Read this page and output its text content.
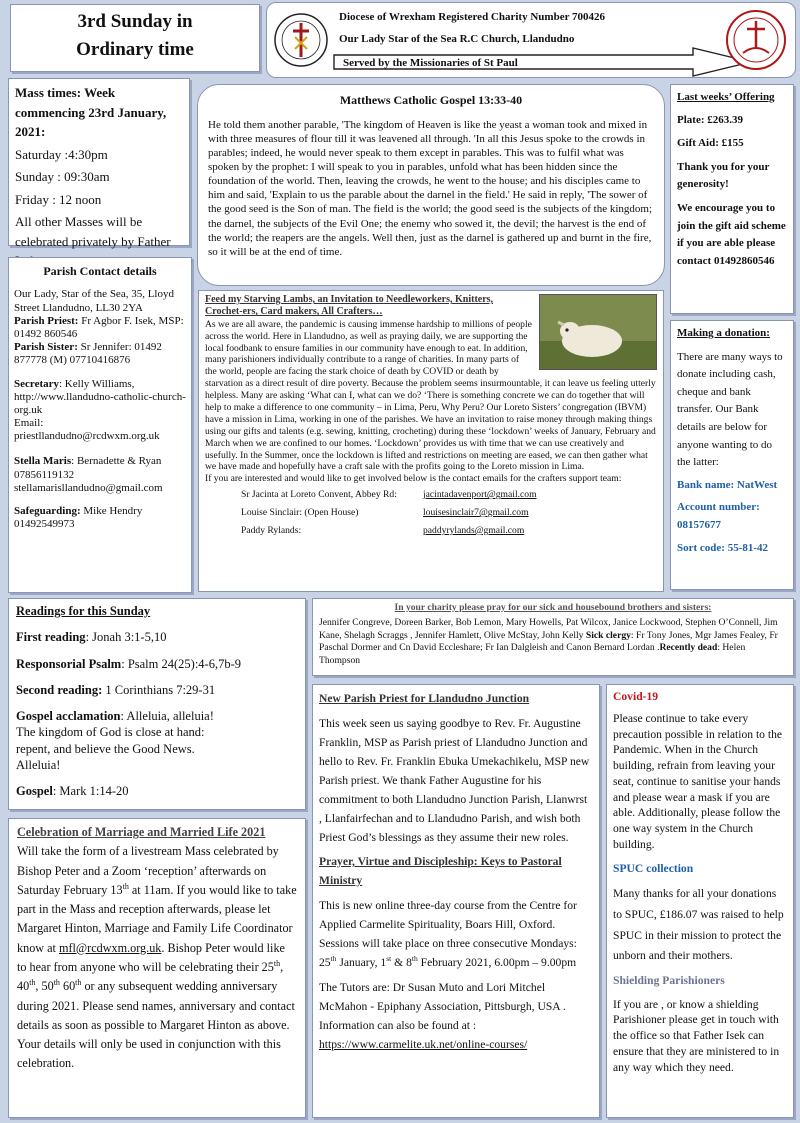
3rd Sunday in
Ordinary time
Diocese of Wrexham Registered Charity Number 700426
Our Lady Star of the Sea R.C Church, Llandudno
Served by the Missionaries of St Paul
Mass times: Week
commencing 23rd January,
2021:
Saturday :4:30pm
Sunday : 09:30am
Friday : 12 noon
All other Masses will be celebrated privately by Father
Matthews Catholic Gospel 13:33-40
He told them another parable, 'The kingdom of Heaven is like the yeast a woman took and mixed in with three measures of flour till it was leavened all through. 'In all this Jesus spoke to the crowds in parables; indeed, he would never speak to them except in parables. This was to fulfil what was spoken by the prophet: I will speak to you in parables, unfold what has been hidden since the foundation of the world. Then, leaving the crowds, he went to the house; and his disciples came to him and said, 'Explain to us the parable about the darnel in the field.' He said in reply, 'The sower of the good seed is the Son of man. The field is the world; the good seed is the subjects of the kingdom; the darnel, the subjects of the Evil One; the enemy who sowed it, the devil; the harvest is the end of the world; the reapers are the angels. Well then, just as the darnel is gathered up and burnt in the fire, so it will be at the end of time.
Last weeks’ Offering
Plate: £263.39
Gift Aid: £155
Thank you for your generosity!
We encourage you to join the gift aid scheme if you are able please contact 01492860546
Parish Contact details
Our Lady, Star of the Sea, 35, Lloyd Street Llandudno, LL30 2YA
Parish Priest: Fr Agbor F. Isek, MSP: 01492 860546
Parish Sister: Sr Jennifer: 01492 877778 (M) 07710416876
Secretary: Kelly Williams, http://www.llandudno-catholic-church-org.uk
Email: priestllandudno@rcdwxm.org.uk
Stella Maris: Bernadette & Ryan 07856119132 stellamarisllandudno@gmail.com
Safeguarding: Mike Hendry 01492549973
Feed my Starving Lambs, an Invitation to Needleworkers, Knitters, Crochet-ers, Card makers, All Crafters…
As we are all aware, the pandemic is causing immense hardship to millions of people across the world. Here in Llandudno, as well as praying daily, we are supporting the local foodbank to ensure families in our community have enough to eat. In addition, many parishioners individually contribute to a range of charities. In many parts of the world, people are facing the stark choice of death by COVID or death by starvation as a direct result of dire poverty. Because the problem seems insurmountable, it can leave us feeling utterly helpless. Many are asking ‘What can I, what can we do? ‘There is something concrete we can do together that will help to make a difference to one community – in Lima, Peru, Why Peru? Our Loreto Sisters’ congregation (IBVM) have a mission in Lima, working in one of the parishes. We have an invitation to raise money through making things using our gifts and talents (e.g. sewing, knitting, crocheting) during these ‘lockdown’ weeks of January, February and March when we are confined to our homes. ‘Lockdown’ provides us with time that we can use creatively and usefully. In the Summer, once the lockdown is lifted and restrictions on meeting are eased, we can then gather what we have made and hopefully have a craft sale with the profits going to the Loreto mission in Lima.
If you are interested and would like to get involved below is the contact emails for the crafters support team:
Sr Jacinta at Loreto Convent, Abbey Rd:	jacintadavenport@gmail.com
Louise Sinclair: (Open House)	louisesinclair7@gmail.com
Paddy Rylands:	paddyrylands@gmail.com
Making a donation:
There are many ways to donate including cash, cheque and bank transfer. Our Bank details are below for anyone wanting to do the latter:
Bank name: NatWest
Account number:
08157677
Sort code: 55-81-42
Readings for this Sunday
First reading: Jonah 3:1-5,10
Responsorial Psalm: Psalm 24(25):4-6,7b-9
Second reading: 1 Corinthians 7:29-31
Gospel acclamation: Alleluia, alleluia!
The kingdom of God is close at hand:
repent, and believe the Good News.
Alleluia!
Gospel: Mark 1:14-20
In your charity please pray for our sick and housebound brothers and sisters:
Jennifer Congreve, Doreen Barker, Bob Lemon, Mary Howells, Pat Wilcox, Janice Lockwood, Stephen O’Connell, Jim Kane, Shelagh Scraggs , Jennifer Hamlett, Olive McStay, John Kelly Sick clergy: Fr Tony Jones, Mgr James Fealey, Fr Paschal Dormer and Cn David Eccleshare; Fr Ian Dalgleish and Canon Bernard Lordan .Recently dead: Helen Thompson
Celebration of Marriage and Married Life 2021
Will take the form of a livestream Mass celebrated by Bishop Peter and a Zoom ‘reception’ afterwards on Saturday February 13th at 11am. If you would like to take part in the Mass and reception afterwards, please let Margaret Hinton, Marriage and Family Life Coordinator know at mfl@rcdwxm.org.uk. Bishop Peter would like to hear from anyone who will be celebrating their 25th, 40th, 50th 60th or any subsequent wedding anniversary during 2021. Please send names, anniversary and contact details as soon as possible to Margaret Hinton as above. Your details will only be used in conjunction with this celebration.
New Parish Priest for Llandudno Junction
This week seen us saying goodbye to Rev. Fr. Augustine Franklin, MSP as Parish priest of Llandudno Junction and hello to Rev. Fr. Franklin Ebuka Umekachikelu, MSP new Parish priest. We thank Father Augustine for his commitment to both Llandudno Junction Parish, Llanwrst , Llanfairfechan and to Llandudno Parish, and wish both Priest God’s blessings as they assume their new roles.
Prayer, Virtue and Discipleship: Keys to Pastoral Ministry
This is new online three-day course from the Centre for Applied Carmelite Spirituality, Boars Hill, Oxford. Sessions will take place on three consecutive Mondays: 25th January, 1st & 8th February 2021, 6.00pm – 9.00pm
The Tutors are: Dr Susan Muto and Lori Mitchel McMahon - Epiphany Association, Pittsburgh, USA . Information can also be found at : https://www.carmelite.uk.net/online-courses/
Covid-19
Please continue to take every precaution possible in relation to the Pandemic. When in the Church building, refrain from leaving your seat, continue to sanitise your hands and please wear a mask if you are able. Additionally, please follow the one way system in the Church building.
SPUC collection
Many thanks for all your donations to SPUC, £186.07 was raised to help SPUC in their mission to protect the unborn and their mothers.
Shielding Parishioners
If you are , or know a shielding Parishioner please get in touch with the office so that Father Isek can ensure that they are ministered to in any way which they need.
